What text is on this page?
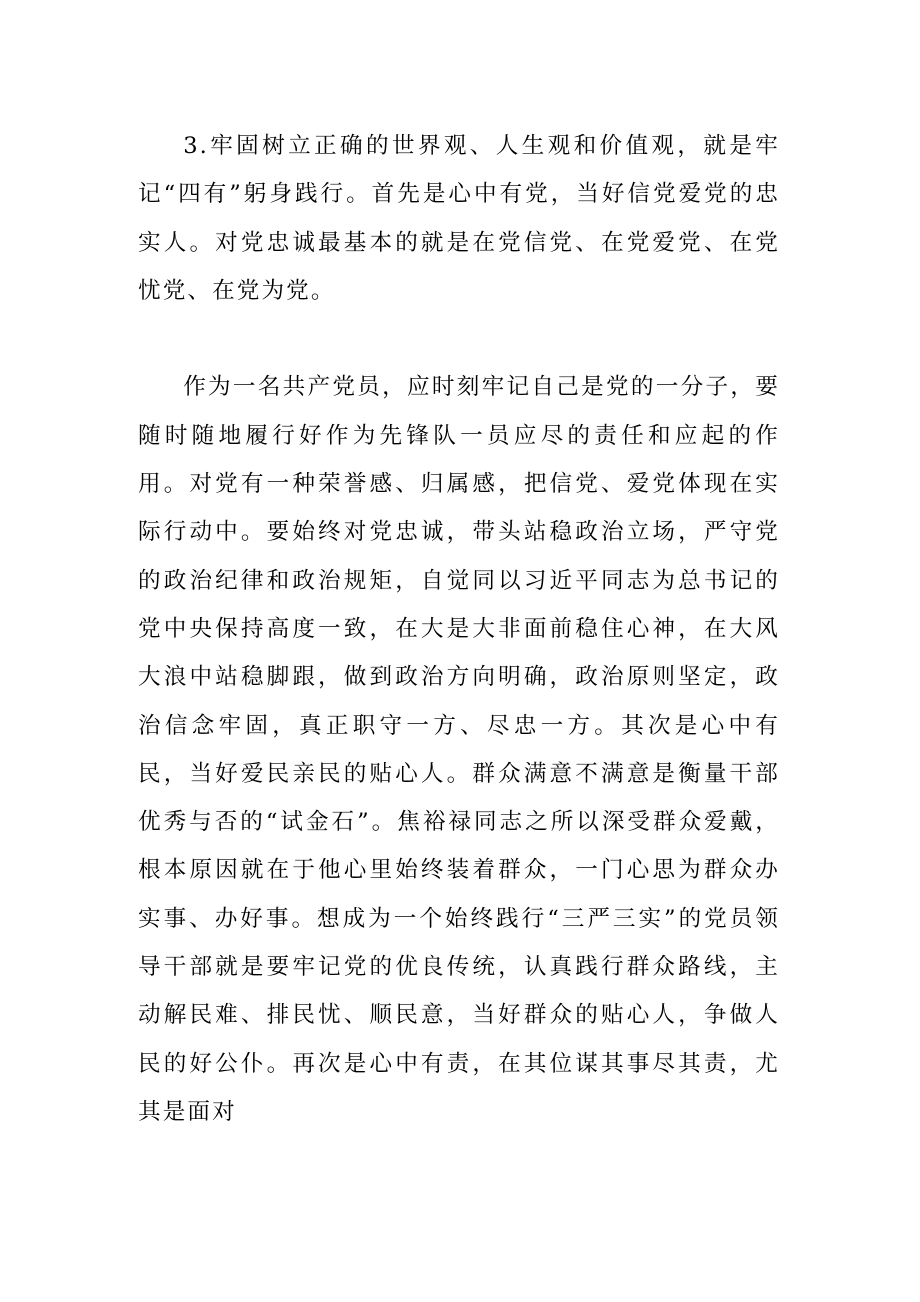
3.牢固树立正确的世界观、人生观和价值观，就是牢记“四有”躬身践行。首先是心中有党，当好信党爱党的忠实人。对党忠诚最基本的就是在党信党、在党爱党、在党忧党、在党为党。

作为一名共产党员，应时刻牢记自己是党的一分子，要随时随地履行好作为先锋队一员应尽的责任和应起的作用。对党有一种荣誉感、归属感，把信党、爱党体现在实际行动中。要始终对党忠诚，带头站稳政治立场，严守党的政治纪律和政治规矩，自觉同以习近平同志为总书记的党中央保持高度一致，在大是大非面前稳住心神，在大风大浪中站稳脚跟，做到政治方向明确，政治原则坚定，政治信念牢固，真正职守一方、尽忠一方。其次是心中有民，当好爱民亲民的贴心人。群众满意不满意是衡量干部优秀与否的“试金石”。焦裕禄同志之所以深受群众爱戴，根本原因就在于他心里始终装着群众，一门心思为群众办实事、办好事。想成为一个始终践行“三严三实”的党员领导干部就是要牢记党的优良传统，认真践行群众路线，主动解民难、排民忧、顺民意，当好群众的贴心人，争做人民的好公仆。再次是心中有责，在其位谋其事尽其责，尤其是面对
